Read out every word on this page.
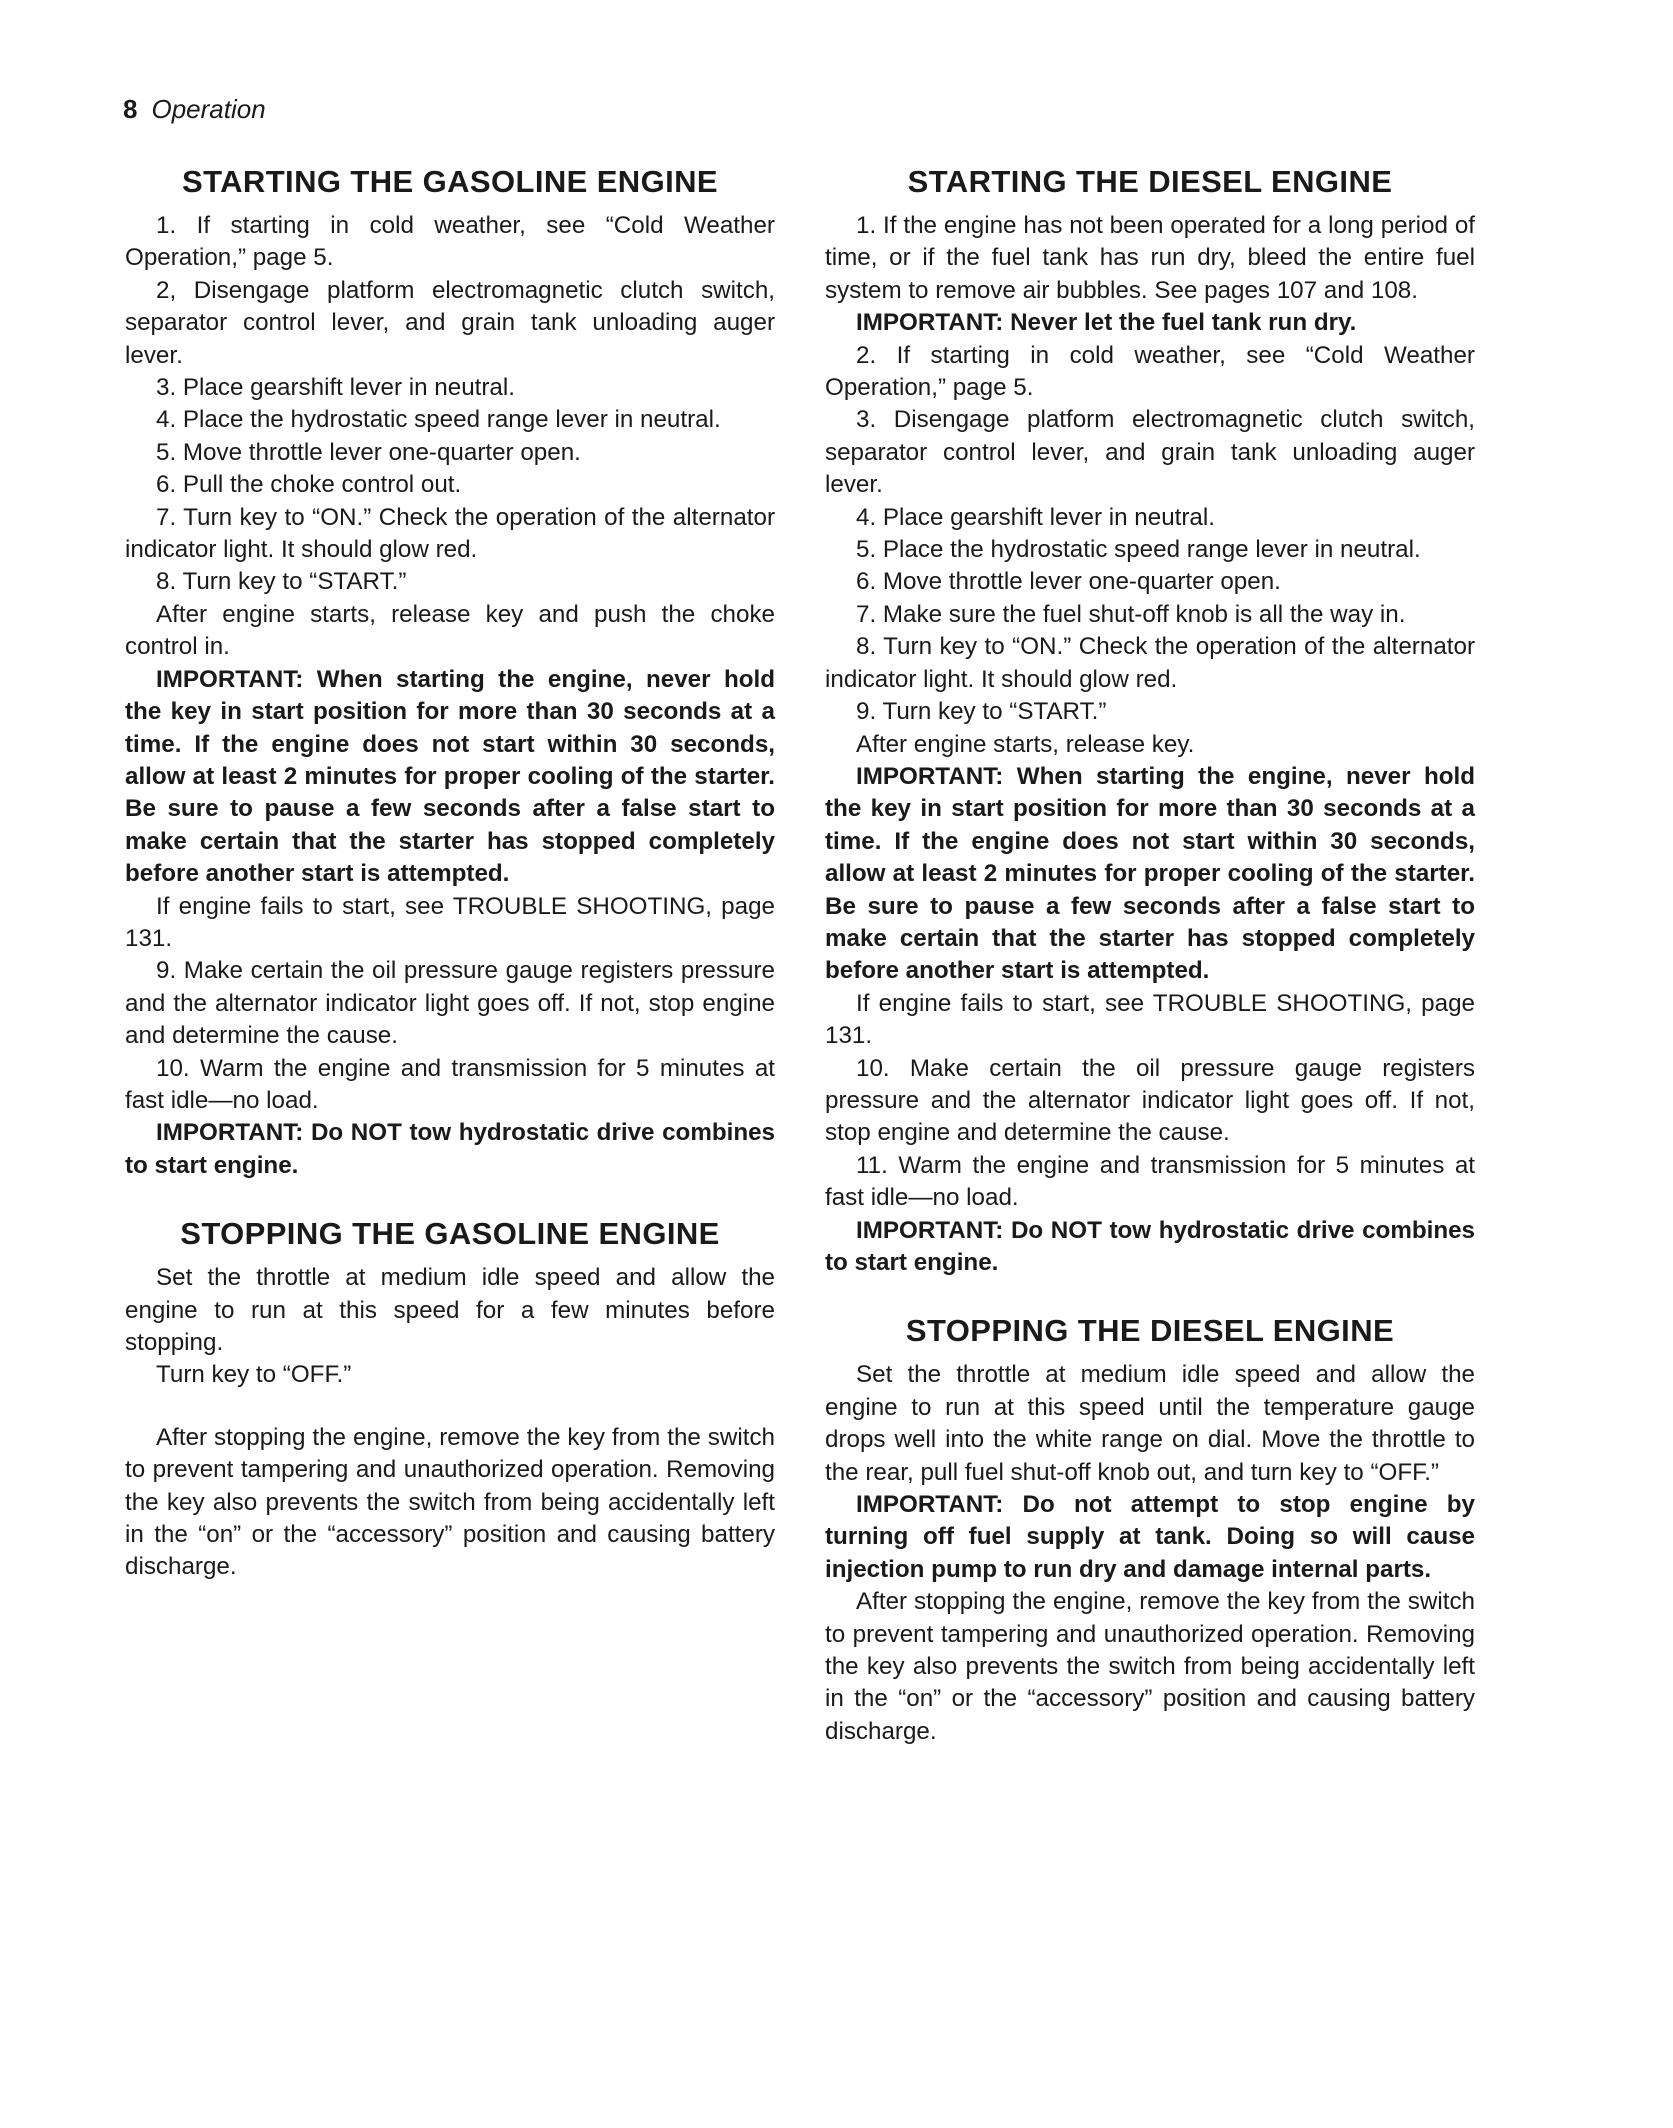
8 Operation
STARTING THE GASOLINE ENGINE

1. If starting in cold weather, see “Cold Weather Operation,” page 5.

2, Disengage platform electromagnetic clutch switch, separator control lever, and grain tank unloading auger lever.

3. Place gearshift lever in neutral.

4. Place the hydrostatic speed range lever in neutral.

5. Move throttle lever one-quarter open.

6. Pull the choke control out.

7. Turn key to “ON.” Check the operation of the alternator indicator light. It should glow red.

8. Turn key to “START.”

After engine starts, release key and push the choke control in.

IMPORTANT: When starting the engine, never hold the key in start position for more than 30 seconds at a time. If the engine does not start within 30 seconds, allow at least 2 minutes for proper cooling of the starter. Be sure to pause a few seconds after a false start to make certain that the starter has stopped completely before another start is attempted.

If engine fails to start, see TROUBLE SHOOTING, page 131.

9. Make certain the oil pressure gauge registers pressure and the alternator indicator light goes off. If not, stop engine and determine the cause.

10. Warm the engine and transmission for 5 minutes at fast idle—no load.

IMPORTANT: Do NOT tow hydrostatic drive combines to start engine.

STOPPING THE GASOLINE ENGINE

Set the throttle at medium idle speed and allow the engine to run at this speed for a few minutes before stopping.

Turn key to “OFF.”

After stopping the engine, remove the key from the switch to prevent tampering and unauthorized operation. Removing the key also prevents the switch from being accidentally left in the “on” or the “accessory” position and causing battery discharge.

STARTING THE DIESEL ENGINE

1. If the engine has not been operated for a long period of time, or if the fuel tank has run dry, bleed the entire fuel system to remove air bubbles. See pages 107 and 108.

IMPORTANT: Never let the fuel tank run dry.

2. If starting in cold weather, see “Cold Weather Operation,” page 5.

3. Disengage platform electromagnetic clutch switch, separator control lever, and grain tank unloading auger lever.

4. Place gearshift lever in neutral.

5. Place the hydrostatic speed range lever in neutral.

6. Move throttle lever one-quarter open.

7. Make sure the fuel shut-off knob is all the way in.

8. Turn key to “ON.” Check the operation of the alternator indicator light. It should glow red.

9. Turn key to “START.”

After engine starts, release key.

IMPORTANT: When starting the engine, never hold the key in start position for more than 30 seconds at a time. If the engine does not start within 30 seconds, allow at least 2 minutes for proper cooling of the starter. Be sure to pause a few seconds after a false start to make certain that the starter has stopped completely before another start is attempted.

If engine fails to start, see TROUBLE SHOOTING, page 131.

10. Make certain the oil pressure gauge registers pressure and the alternator indicator light goes off. If not, stop engine and determine the cause.

11. Warm the engine and transmission for 5 minutes at fast idle—no load.

IMPORTANT: Do NOT tow hydrostatic drive combines to start engine.

STOPPING THE DIESEL ENGINE

Set the throttle at medium idle speed and allow the engine to run at this speed until the temperature gauge drops well into the white range on dial. Move the throttle to the rear, pull fuel shut-off knob out, and turn key to “OFF.”

IMPORTANT: Do not attempt to stop engine by turning off fuel supply at tank. Doing so will cause injection pump to run dry and damage internal parts.

After stopping the engine, remove the key from the switch to prevent tampering and unauthorized operation. Removing the key also prevents the switch from being accidentally left in the “on” or the “accessory” position and causing battery discharge.
